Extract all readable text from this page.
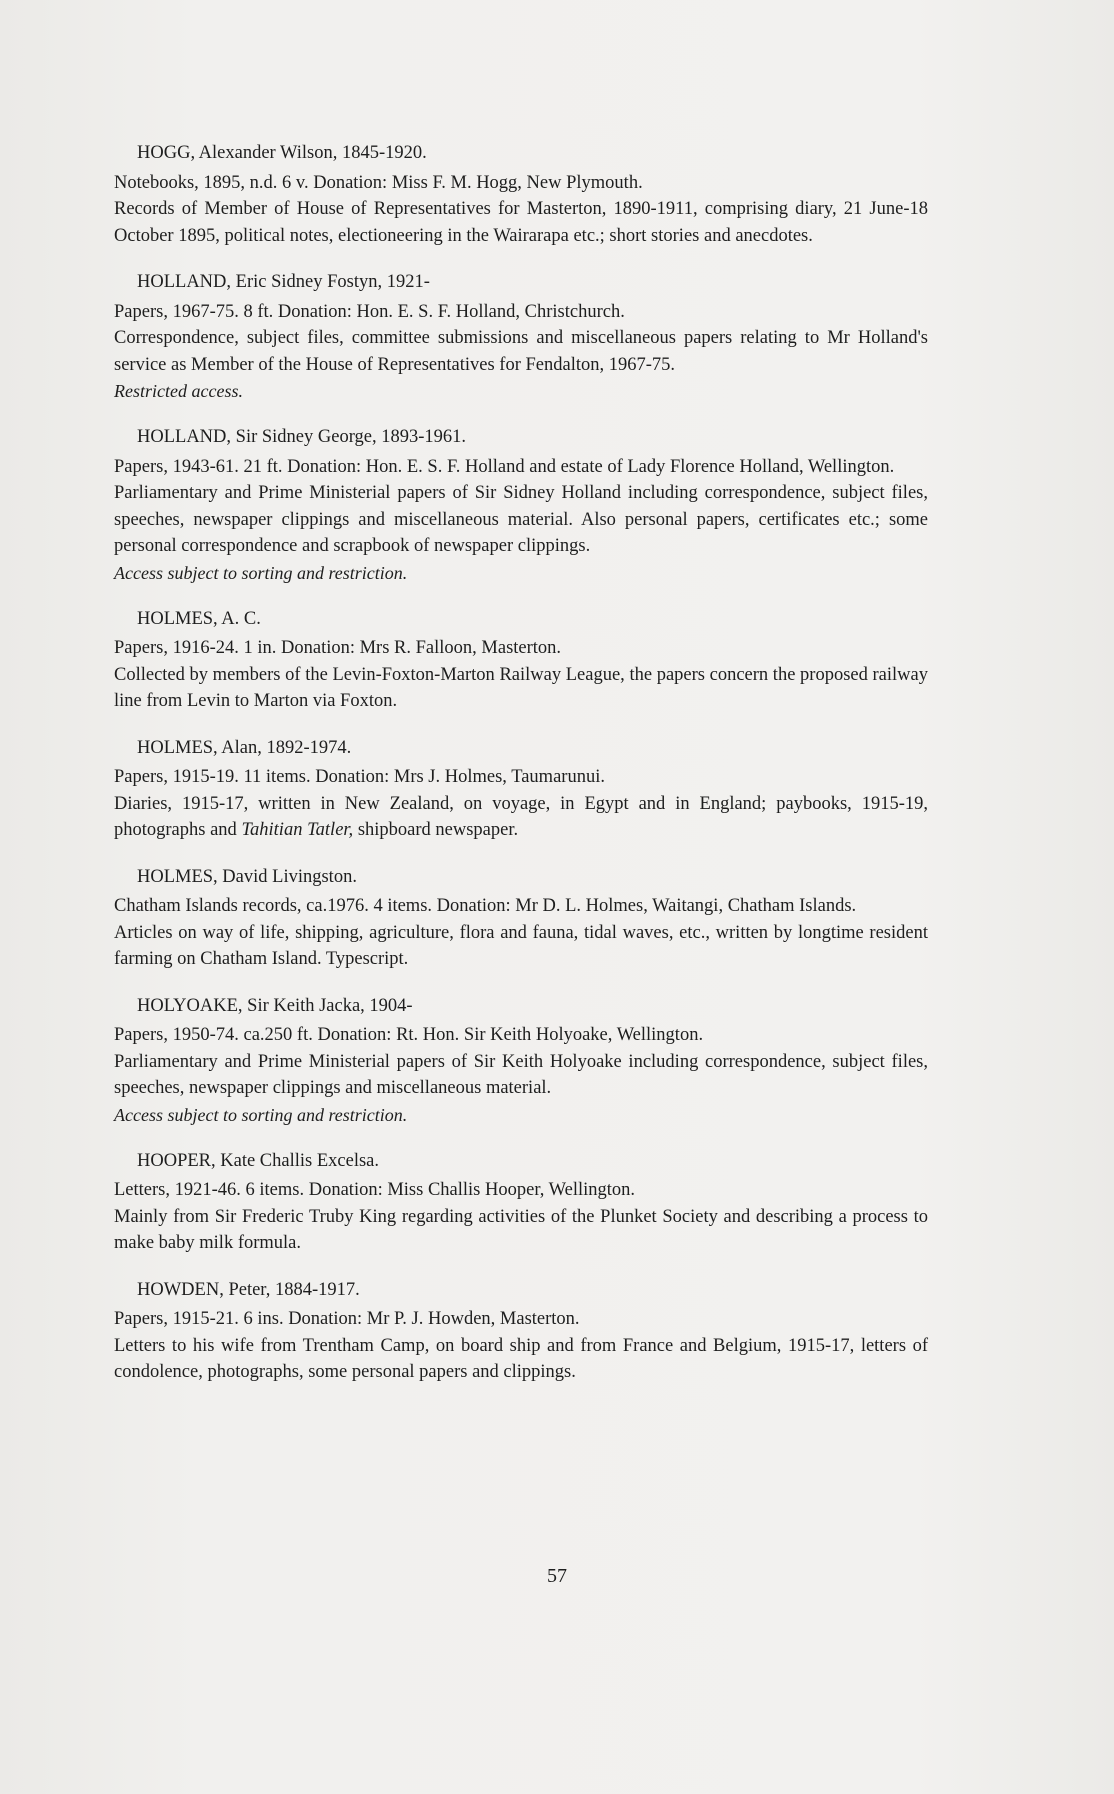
HOGG, Alexander Wilson, 1845-1920.
Notebooks, 1895, n.d. 6 v. Donation: Miss F. M. Hogg, New Plymouth.
Records of Member of House of Representatives for Masterton, 1890-1911, comprising diary, 21 June-18 October 1895, political notes, electioneering in the Wairarapa etc.; short stories and anecdotes.
HOLLAND, Eric Sidney Fostyn, 1921-
Papers, 1967-75. 8 ft. Donation: Hon. E. S. F. Holland, Christchurch.
Correspondence, subject files, committee submissions and miscellaneous papers relating to Mr Holland's service as Member of the House of Representatives for Fendalton, 1967-75.
Restricted access.
HOLLAND, Sir Sidney George, 1893-1961.
Papers, 1943-61. 21 ft. Donation: Hon. E. S. F. Holland and estate of Lady Florence Holland, Wellington.
Parliamentary and Prime Ministerial papers of Sir Sidney Holland including correspondence, subject files, speeches, newspaper clippings and miscellaneous material. Also personal papers, certificates etc.; some personal correspondence and scrapbook of newspaper clippings.
Access subject to sorting and restriction.
HOLMES, A. C.
Papers, 1916-24. 1 in. Donation: Mrs R. Falloon, Masterton.
Collected by members of the Levin-Foxton-Marton Railway League, the papers concern the proposed railway line from Levin to Marton via Foxton.
HOLMES, Alan, 1892-1974.
Papers, 1915-19. 11 items. Donation: Mrs J. Holmes, Taumarunui.
Diaries, 1915-17, written in New Zealand, on voyage, in Egypt and in England; paybooks, 1915-19, photographs and Tahitian Tatler, shipboard newspaper.
HOLMES, David Livingston.
Chatham Islands records, ca.1976. 4 items. Donation: Mr D. L. Holmes, Waitangi, Chatham Islands.
Articles on way of life, shipping, agriculture, flora and fauna, tidal waves, etc., written by longtime resident farming on Chatham Island. Typescript.
HOLYOAKE, Sir Keith Jacka, 1904-
Papers, 1950-74. ca.250 ft. Donation: Rt. Hon. Sir Keith Holyoake, Wellington.
Parliamentary and Prime Ministerial papers of Sir Keith Holyoake including correspondence, subject files, speeches, newspaper clippings and miscellaneous material.
Access subject to sorting and restriction.
HOOPER, Kate Challis Excelsa.
Letters, 1921-46. 6 items. Donation: Miss Challis Hooper, Wellington.
Mainly from Sir Frederic Truby King regarding activities of the Plunket Society and describing a process to make baby milk formula.
HOWDEN, Peter, 1884-1917.
Papers, 1915-21. 6 ins. Donation: Mr P. J. Howden, Masterton.
Letters to his wife from Trentham Camp, on board ship and from France and Belgium, 1915-17, letters of condolence, photographs, some personal papers and clippings.
57
